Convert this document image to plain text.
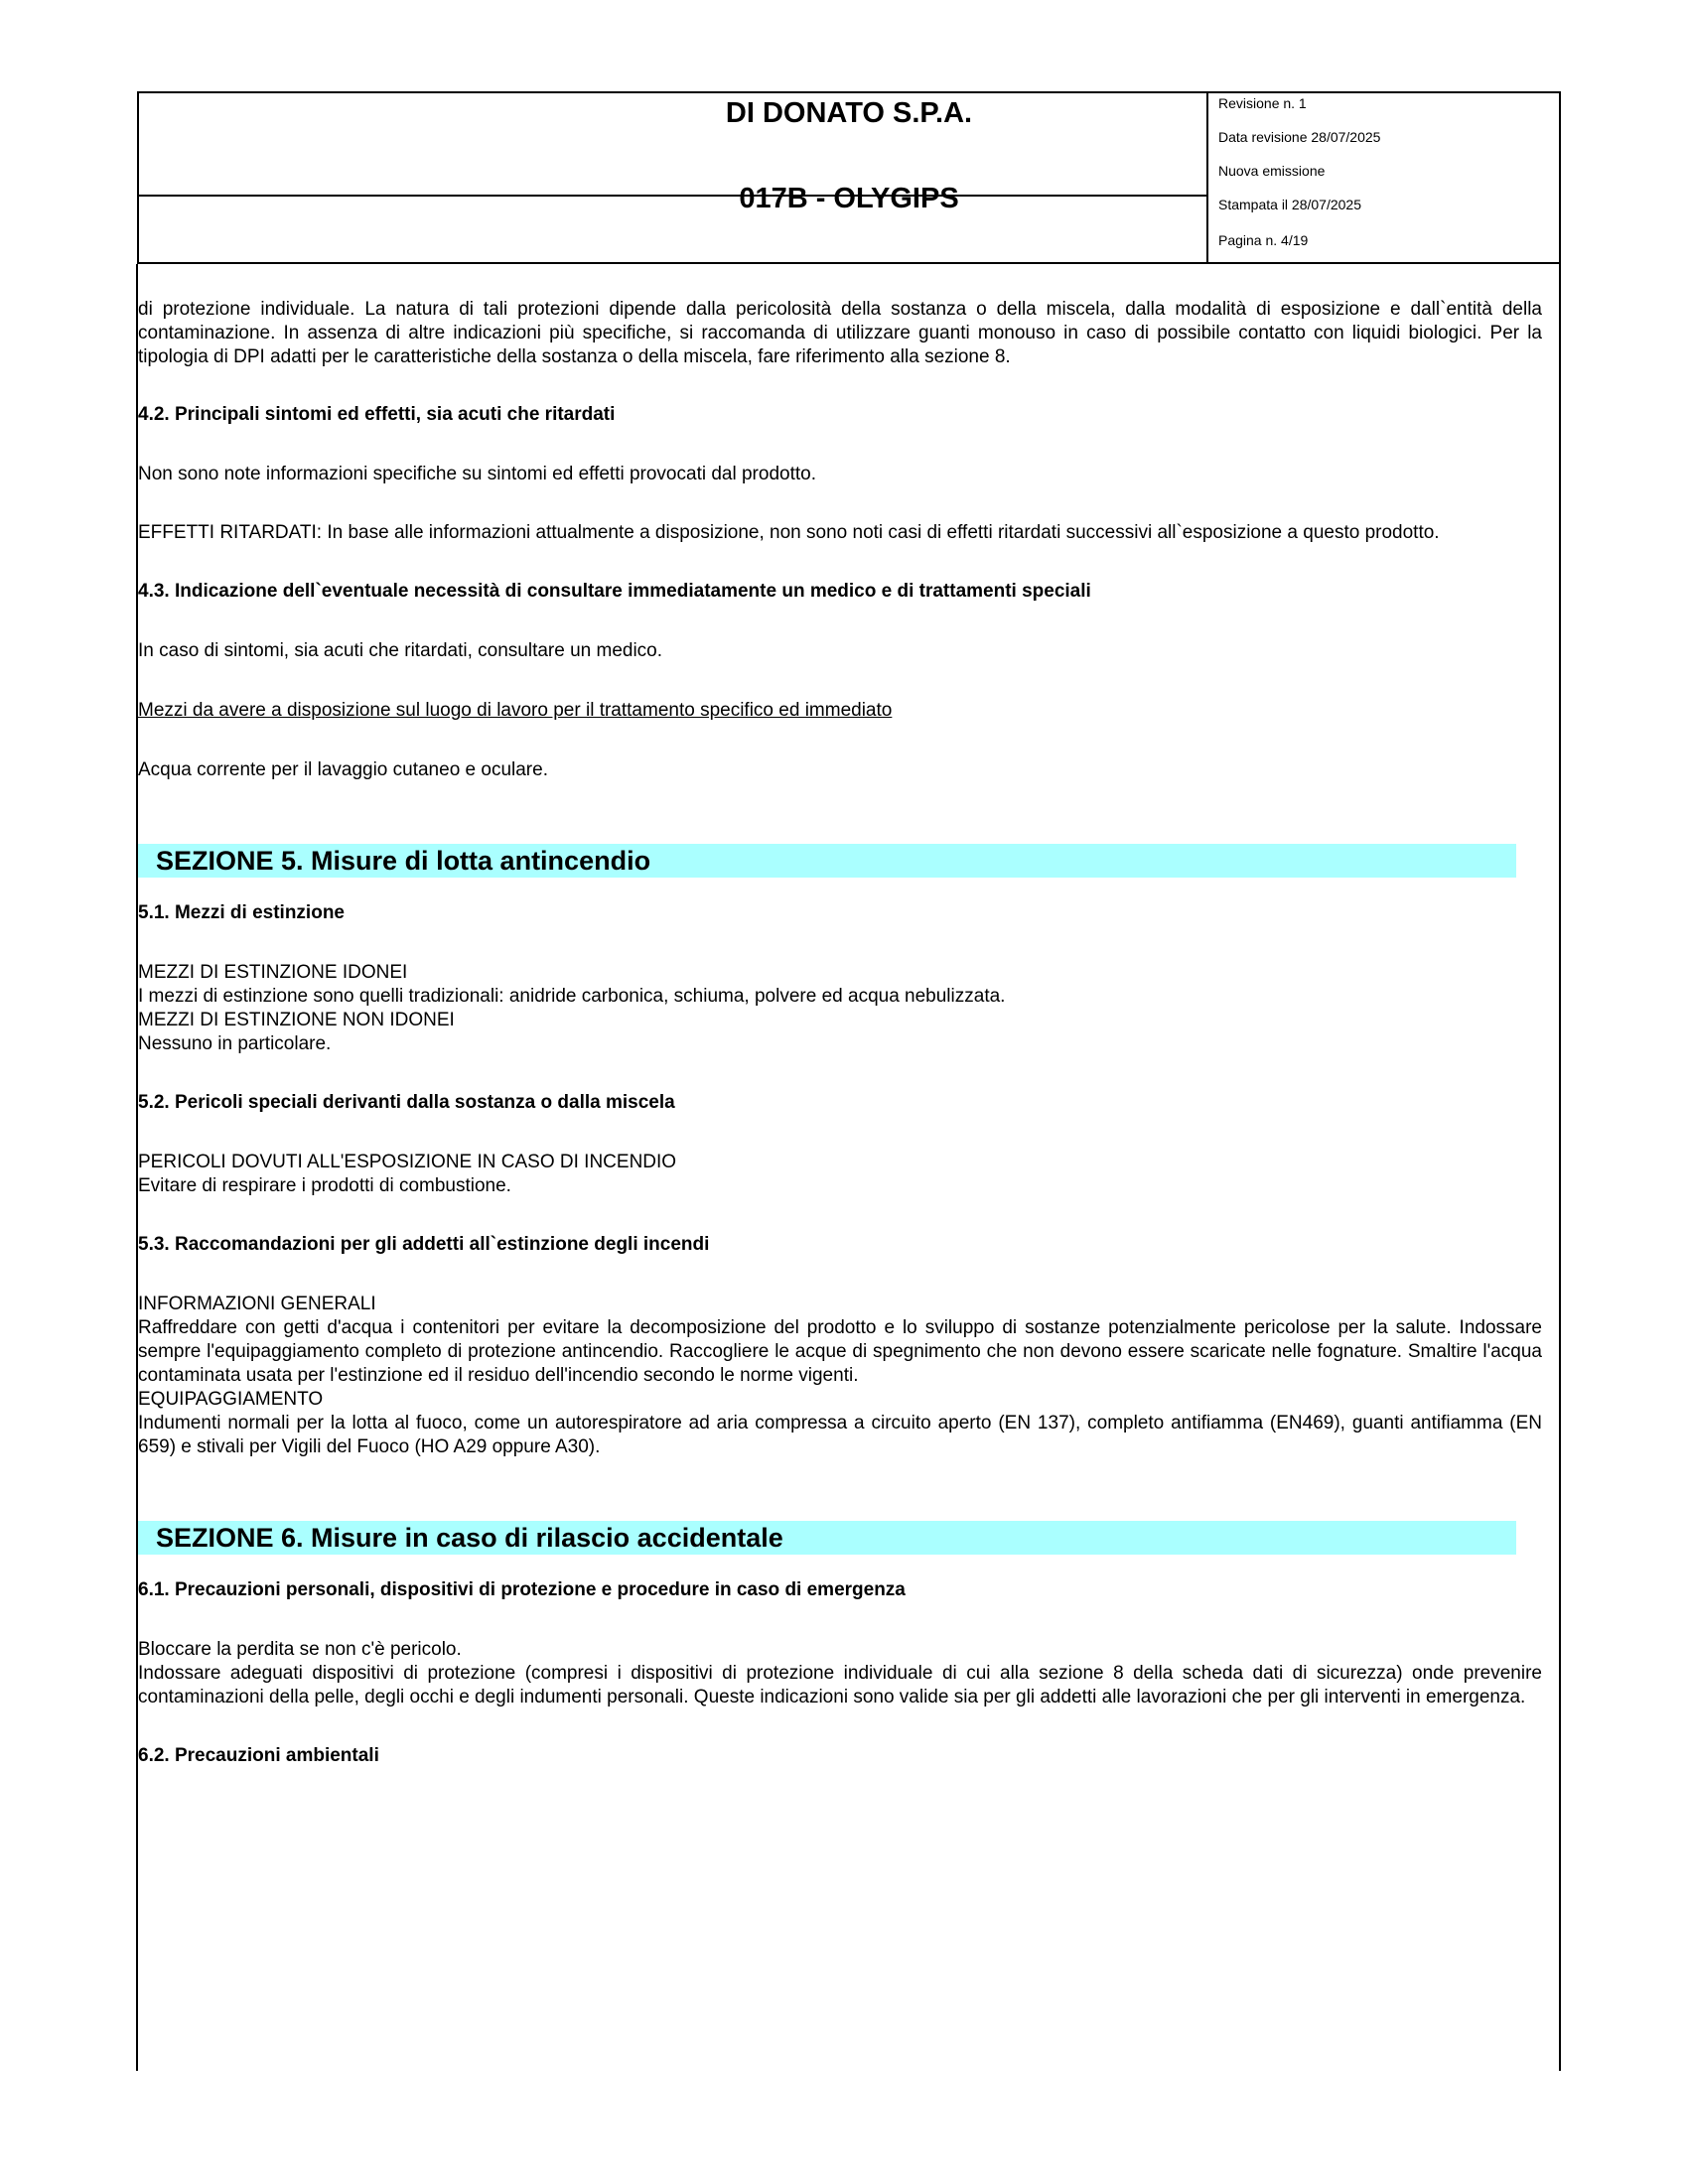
DI DONATO S.P.A.
017B - OLYGIPS
Revisione n. 1
Data revisione 28/07/2025
Nuova emissione
Stampata il 28/07/2025
Pagina n. 4/19

di protezione individuale. La natura di tali protezioni dipende dalla pericolosità della sostanza o della miscela, dalla modalità di esposizione e dall`entità della contaminazione. In assenza di altre indicazioni più specifiche, si raccomanda di utilizzare guanti monouso in caso di possibile contatto con liquidi biologici. Per la tipologia di DPI adatti per le caratteristiche della sostanza o della miscela, fare riferimento alla sezione 8.

4.2. Principali sintomi ed effetti, sia acuti che ritardati

Non sono note informazioni specifiche su sintomi ed effetti provocati dal prodotto.

EFFETTI RITARDATI: In base alle informazioni attualmente a disposizione, non sono noti casi di effetti ritardati successivi all`esposizione a questo prodotto.

4.3. Indicazione dell`eventuale necessità di consultare immediatamente un medico e di trattamenti speciali

In caso di sintomi, sia acuti che ritardati, consultare un medico.

Mezzi da avere a disposizione sul luogo di lavoro per il trattamento specifico ed immediato

Acqua corrente per il lavaggio cutaneo e oculare.

SEZIONE 5. Misure di lotta antincendio

5.1. Mezzi di estinzione

MEZZI DI ESTINZIONE IDONEI

I mezzi di estinzione sono quelli tradizionali: anidride carbonica, schiuma, polvere ed acqua nebulizzata.

MEZZI DI ESTINZIONE NON IDONEI

Nessuno in particolare.

5.2. Pericoli speciali derivanti dalla sostanza o dalla miscela

PERICOLI DOVUTI ALL'ESPOSIZIONE IN CASO DI INCENDIO

Evitare di respirare i prodotti di combustione.

5.3. Raccomandazioni per gli addetti all`estinzione degli incendi

INFORMAZIONI GENERALI

Raffreddare con getti d'acqua i contenitori per evitare la decomposizione del prodotto e lo sviluppo di sostanze potenzialmente pericolose per la salute. Indossare sempre l'equipaggiamento completo di protezione antincendio. Raccogliere le acque di spegnimento che non devono essere scaricate nelle fognature. Smaltire l'acqua contaminata usata per l'estinzione ed il residuo dell'incendio secondo le norme vigenti.

EQUIPAGGIAMENTO

Indumenti normali per la lotta al fuoco, come un autorespiratore ad aria compressa a circuito aperto (EN 137), completo antifiamma (EN469), guanti antifiamma (EN 659) e stivali per Vigili del Fuoco (HO A29 oppure A30).

SEZIONE 6. Misure in caso di rilascio accidentale

6.1. Precauzioni personali, dispositivi di protezione e procedure in caso di emergenza

Bloccare la perdita se non c'è pericolo.

Indossare adeguati dispositivi di protezione (compresi i dispositivi di protezione individuale di cui alla sezione 8 della scheda dati di sicurezza) onde prevenire contaminazioni della pelle, degli occhi e degli indumenti personali. Queste indicazioni sono valide sia per gli addetti alle lavorazioni che per gli interventi in emergenza.

6.2. Precauzioni ambientali
